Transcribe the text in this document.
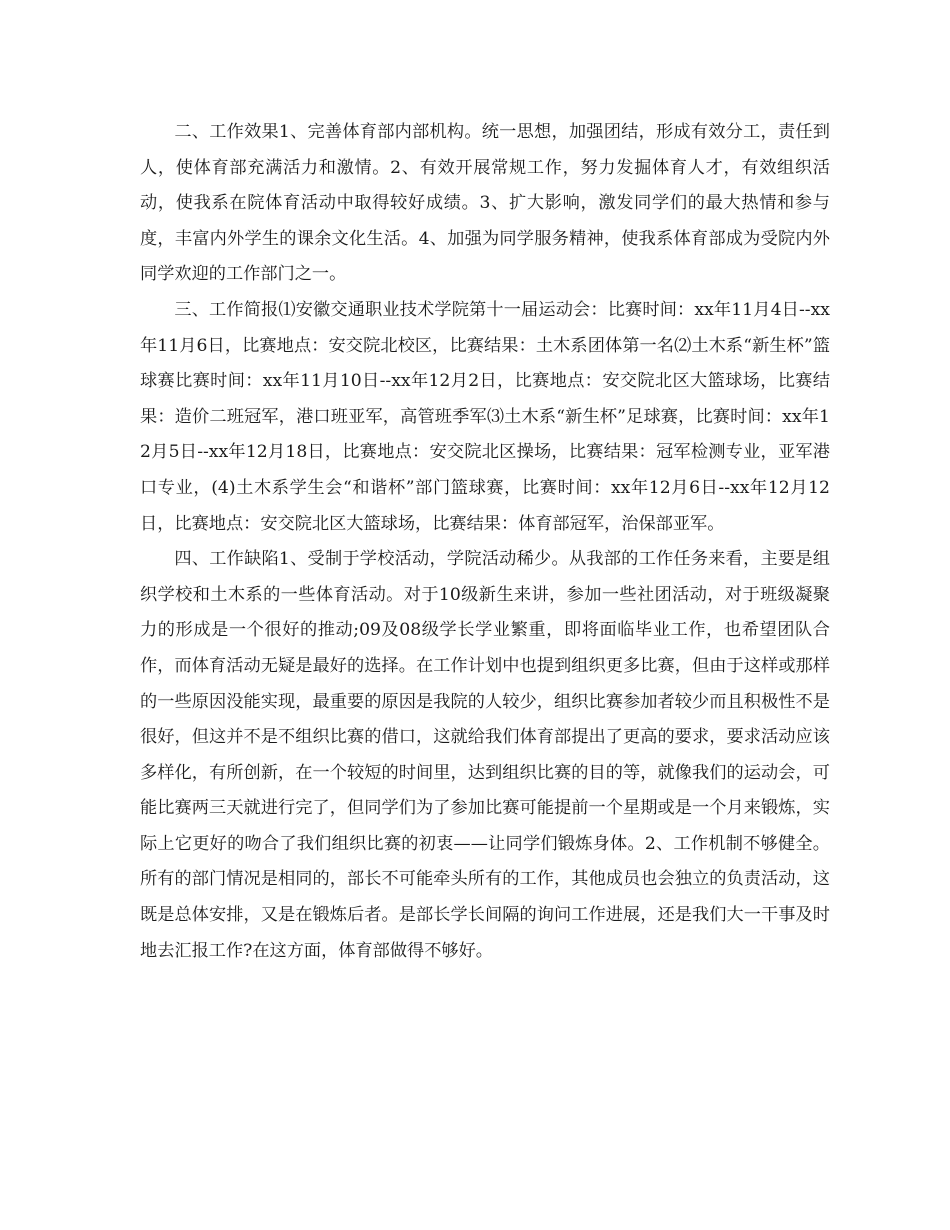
二、工作效果1、完善体育部内部机构。统一思想，加强团结，形成有效分工，责任到人，使体育部充满活力和激情。2、有效开展常规工作，努力发掘体育人才，有效组织活动，使我系在院体育活动中取得较好成绩。3、扩大影响，激发同学们的最大热情和参与度，丰富内外学生的课余文化生活。4、加强为同学服务精神，使我系体育部成为受院内外同学欢迎的工作部门之一。

三、工作简报⑴安徽交通职业技术学院第十一届运动会：比赛时间：xx年11月4日--xx年11月6日，比赛地点：安交院北校区，比赛结果：土木系团体第一名⑵土木系“新生杯”篮球赛比赛时间：xx年11月10日--xx年12月2日，比赛地点：安交院北区大篮球场，比赛结果：造价二班冠军，港口班亚军，高管班季军⑶土木系“新生杯”足球赛，比赛时间：xx年12月5日--xx年12月18日，比赛地点：安交院北区操场，比赛结果：冠军检测专业，亚军港口专业，(4)土木系学生会“和谐杯”部门篮球赛，比赛时间：xx年12月6日--xx年12月12日，比赛地点：安交院北区大篮球场，比赛结果：体育部冠军，治保部亚军。

四、工作缺陷1、受制于学校活动，学院活动稀少。从我部的工作任务来看，主要是组织学校和土木系的一些体育活动。对于10级新生来讲，参加一些社团活动，对于班级凝聚力的形成是一个很好的推动;09及08级学长学业繁重，即将面临毕业工作，也希望团队合作，而体育活动无疑是最好的选择。在工作计划中也提到组织更多比赛，但由于这样或那样的一些原因没能实现，最重要的原因是我院的人较少，组织比赛参加者较少而且积极性不是很好，但这并不是不组织比赛的借口，这就给我们体育部提出了更高的要求，要求活动应该多样化，有所创新，在一个较短的时间里，达到组织比赛的目的等，就像我们的运动会，可能比赛两三天就进行完了，但同学们为了参加比赛可能提前一个星期或是一个月来锻炼，实际上它更好的吻合了我们组织比赛的初衷——让同学们锻炼身体。2、工作机制不够健全。所有的部门情况是相同的，部长不可能牵头所有的工作，其他成员也会独立的负责活动，这既是总体安排，又是在锻炼后者。是部长学长间隔的询问工作进展，还是我们大一干事及时地去汇报工作?在这方面，体育部做得不够好。
